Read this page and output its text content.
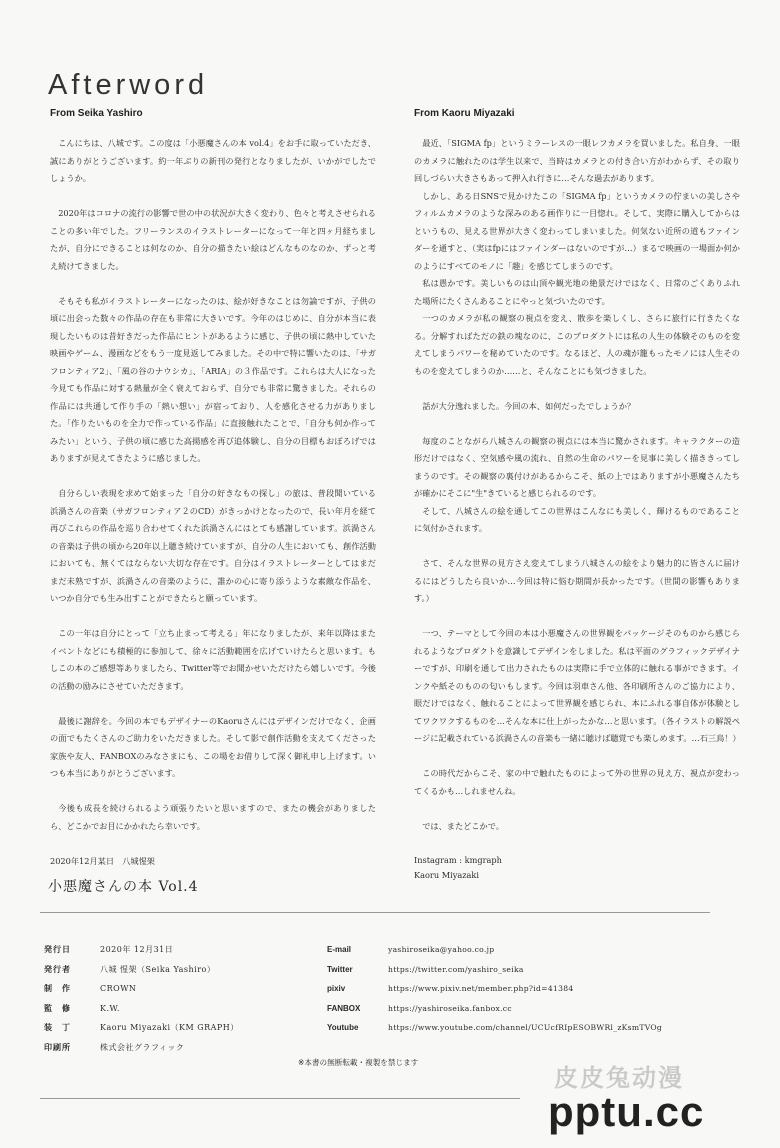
Afterword
From Seika Yashiro

こんにちは、八城です。この度は「小悪魔さんの本 vol.4」をお手に取っていただき、誠にありがとうございます。約一年ぶりの新刊の発行となりましたが、いかがでしたでしょうか。

2020年はコロナの流行の影響で世の中の状況が大きく変わり、色々と考えさせられることの多い年でした。フリーランスのイラストレーターになって一年と四ヶ月経ちましたが、自分にできることは何なのか、自分の描きたい絵はどんなものなのか、ずっと考え続けてきました。

そもそも私がイラストレーターになったのは、絵が好きなことは勿論ですが、子供の頃に出会った数々の作品の存在も非常に大きいです。今年のはじめに、自分が本当に表現したいものは昔好きだった作品にヒントがあるように感じ、子供の頃に熱中していた映画やゲーム、漫画などをもう一度見返してみました。その中で特に響いたのは、「サガフロンティア2」、「風の谷のナウシカ」、「ARIA」の３作品です。これらは大人になった今見ても作品に対する熱量が全く衰えておらず、自分でも非常に驚きました。それらの作品には共通して作り手の「熱い想い」が宿っており、人を感化させる力がありました。「作りたいものを全力で作っている作品」に直接触れたことで、「自分も何か作ってみたい」という、子供の頃に感じた高揚感を再び追体験し、自分の目標もおぼろげではありますが見えてきたように感じました。

自分らしい表現を求めて始まった「自分の好きなもの探し」の旅は、普段聞いている浜渦さんの音楽（サガフロンティア２のCD）がきっかけとなったので、長い年月を経て再びこれらの作品を巡り合わせてくれた浜渦さんにはとても感謝しています。浜渦さんの音楽は子供の頃から20年以上聴き続けていますが、自分の人生においても、創作活動においても、無くてはならない大切な存在です。自分はイラストレーターとしてはまだまだ未熟ですが、浜渦さんの音楽のように、誰かの心に寄り添うような素敵な作品を、いつか自分でも生み出すことができたらと願っています。

この一年は自分にとって「立ち止まって考える」年になりましたが、来年以降はまたイベントなどにも積極的に参加して、徐々に活動範囲を広げていけたらと思います。もしこの本のご感想等ありましたら、Twitter等でお聞かせいただけたら嬉しいです。今後の活動の励みにさせていただきます。

最後に謝辞を。今回の本でもデザイナーのKaoruさんにはデザインだけでなく、企画の面でもたくさんのご助力をいただきました。そして影で創作活動を支えてくださった家族や友人、FANBOXのみなさまにも、この場をお借りして深く御礼申し上げます。いつも本当にありがとうございます。

今後も成長を続けられるよう頑張りたいと思いますので、またの機会がありましたら、どこかでお目にかかれたら幸いです。

2020年12月某日　八城惺架

From Kaoru Miyazaki

最近、「SIGMA fp」というミラーレスの一眼レフカメラを買いました。私自身、一眼のカメラに触れたのは学生以来で、当時はカメラとの付き合い方がわからず、その取り回しづらい大きさもあって押入れ行きに…そんな過去があります。
しかし、ある日SNSで見かけたこの「SIGMA fp」というカメラの佇まいの美しさやフィルムカメラのような深みのある画作りに一目惚れ。そして、実際に購入してからはというもの、見える世界が大きく変わってしまいました。何気ない近所の道もファインダーを通すと、（実はfpにはファインダーはないのですが…）まるで映画の一場面か何かのようにすべてのモノに「趣」を感じてしまうのです。
私は愚かです。美しいものは山頂や観光地の絶景だけではなく、日常のごくありふれた場所にたくさんあることにやっと気づいたのです。
一つのカメラが私の観察の視点を変え、散歩を楽しくし、さらに旅行に行きたくなる。分解すればただの鉄の塊なのに、このプロダクトには私の人生の体験そのものを変えてしまうパワーを秘めていたのです。なるほど、人の魂が籠もったモノには人生そのものを変えてしまうのか……と、そんなことにも気づきました。

話が大分逸れました。今回の本、如何だったでしょうか？

毎度のことながら八城さんの観察の視点には本当に驚かされます。キャラクターの造形だけではなく、空気感や風の流れ、自然の生命のパワーを見事に美しく描ききってしまうのです。その観察の裏付けがあるからこそ、紙の上ではありますが小悪魔さんたちが確かにそこに"生"きていると感じられるのです。
そして、八城さんの絵を通してこの世界はこんなにも美しく、輝けるものであることに気付かされます。

さて、そんな世界の見方さえ変えてしまう八城さんの絵をより魅力的に皆さんに届けるにはどうしたら良いか…今回は特に悩む期間が長かったです。（世間の影響もあります。）

一つ、テーマとして今回の本は小悪魔さんの世界観をパッケージそのものから感じられるようなプロダクトを意識してデザインをしました。私は平面のグラフィックデザイナーですが、印刷を通して出力されたものは実際に手で立体的に触れる事ができます。インクや紙そのものの匂いもします。今回は羽車さん他、各印刷所さんのご協力により、眼だけではなく、触れることによって世界観を感じられ、本にふれる事自体が体験としてワクワクするものを…そんな本に仕上がったかな…と思います。（各イラストの解説ページに記載されている浜渦さんの音楽も一緒に聴けば聴覚でも楽しめます。…石三鳥！）

この時代だからこそ、家の中で触れたものによって外の世界の見え方、視点が変わってくるかも…しれませんね。

では、またどこかで。

Instagram : kmgraph

Kaoru Miyazaki

小悪魔さんの本 Vol.4
発行日	2020年 12月31日
発行者	八城 惺架（Seika Yashiro）
制　作	CROWN
監　修	K.W.
装　丁	Kaoru Miyazaki（KM GRAPH）
印刷所	株式会社グラフィック
E-mail	yashiroseika@yahoo.co.jp
Twitter	https://twitter.com/yashiro_seika
pixiv	https://www.pixiv.net/member.php?id=41384
FANBOX	https://yashiroseika.fanbox.cc
Youtube	https://www.youtube.com/channel/UCUcfRIpESOBWRl_zKsmTVOg
※本書の無断転載・複製を禁じます
皮皮兔动漫
pptu.cc
